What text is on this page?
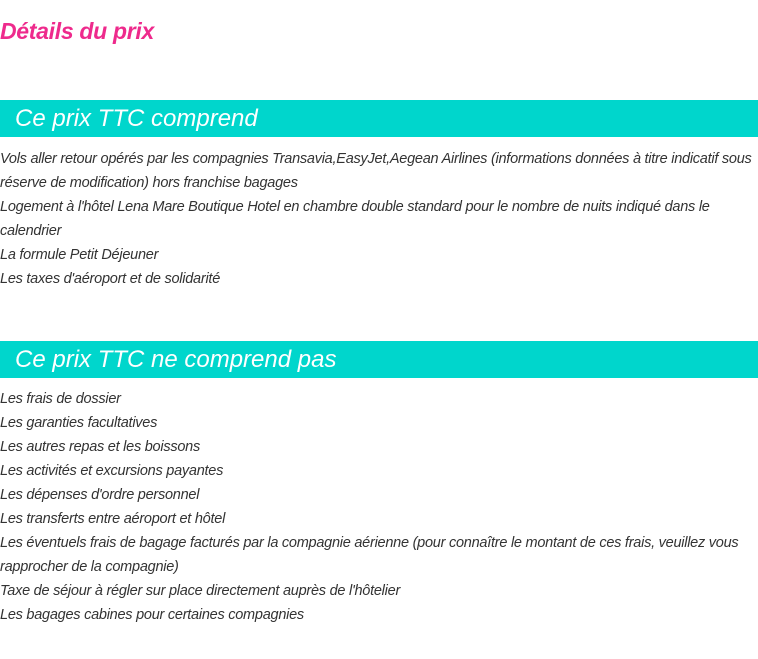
Détails du prix
Ce prix TTC comprend
Vols aller retour opérés par les compagnies Transavia,EasyJet,Aegean Airlines (informations données à titre indicatif sous réserve de modification) hors franchise bagages
Logement à l'hôtel Lena Mare Boutique Hotel en chambre double standard pour le nombre de nuits indiqué dans le calendrier
La formule Petit Déjeuner
Les taxes d'aéroport et de solidarité
Ce prix TTC ne comprend pas
Les frais de dossier
Les garanties facultatives
Les autres repas et les boissons
Les activités et excursions payantes
Les dépenses d'ordre personnel
Les transferts entre aéroport et hôtel
Les éventuels frais de bagage facturés par la compagnie aérienne (pour connaître le montant de ces frais, veuillez vous rapprocher de la compagnie)
Taxe de séjour à régler sur place directement auprès de l'hôtelier
Les bagages cabines pour certaines compagnies
